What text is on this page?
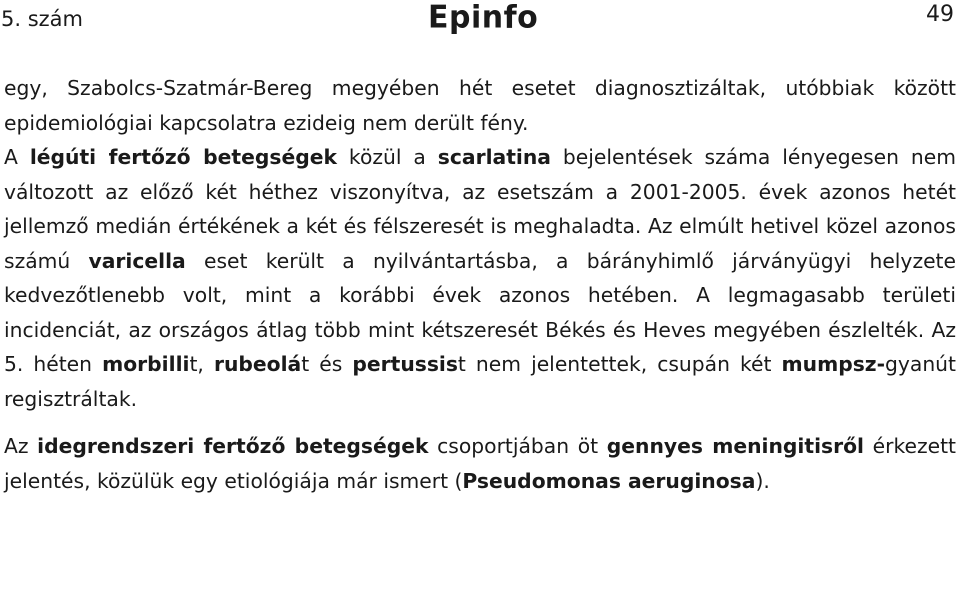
5. szám	Epinfo	49

egy, Szabolcs-Szatmár-Bereg megyében hét esetet diagnosztizáltak, utóbbiak között epidemiológiai kapcsolatra ezideig nem derült fény.

A légúti fertőző betegségek közül a scarlatina bejelentések száma lényegesen nem változott az előző két héthez viszonyítva, az esetszám a 2001-2005. évek azonos hetét jellemző medián értékének a két és félszeresét is meghaladta. Az elmúlt hetivel közel azonos számú varicella eset került a nyilvántartásba, a bárányhimlő járványügyi helyzete kedvezőtlenebb volt, mint a korábbi évek azonos hetében. A legmagasabb területi incidenciát, az országos átlag több mint kétszeresét Békés és Heves megyében észlelték. Az 5. héten morbillit, rubeolát és pertussist nem jelentettek, csupán két mumpsz-gyanút regisztráltak.

Az idegrendszeri fertőző betegségek csoportjában öt gennyes meningitisről érkezett jelentés, közülük egy etiológiája már ismert (Pseudomonas aeruginosa).
